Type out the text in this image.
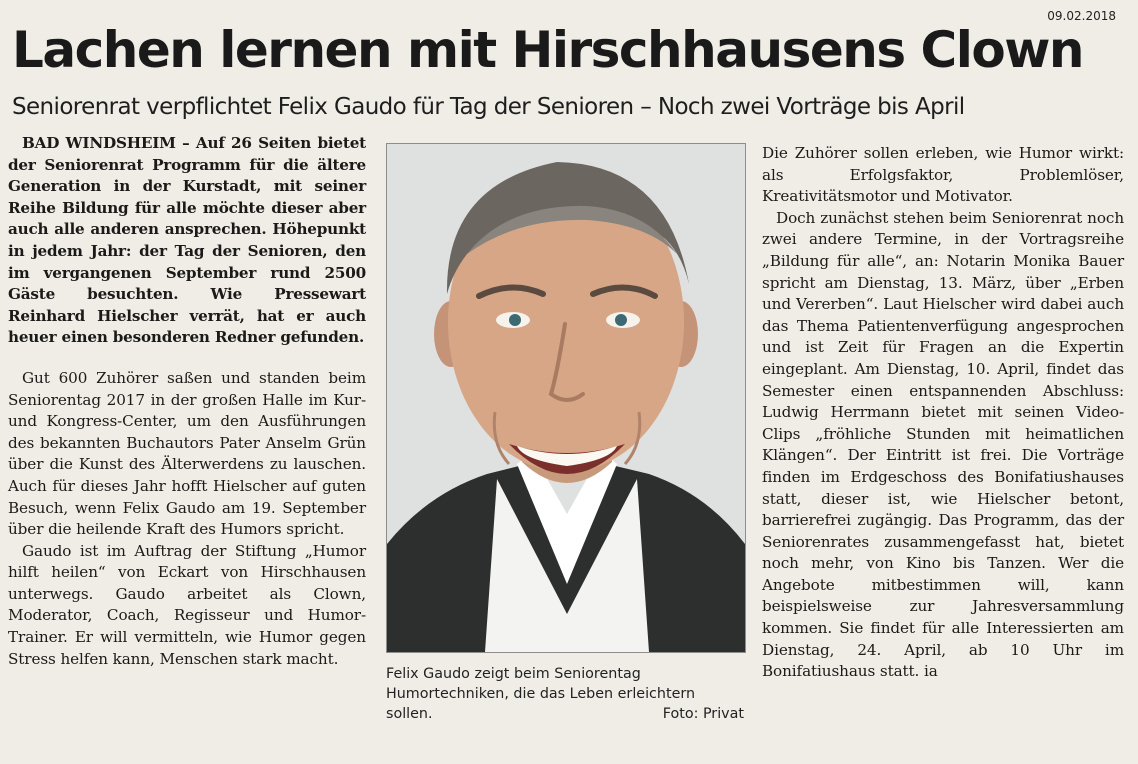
09.02.2018
Lachen lernen mit Hirschhausens Clown
Seniorenrat verpflichtet Felix Gaudo für Tag der Senioren – Noch zwei Vorträge bis April

BAD WINDSHEIM – Auf 26 Seiten bietet der Seniorenrat Programm für die ältere Generation in der Kurstadt, mit seiner Reihe Bildung für alle möchte dieser aber auch alle anderen ansprechen. Höhepunkt in jedem Jahr: der Tag der Senioren, den im vergangenen September rund 2500 Gäste besuchten. Wie Pressewart Reinhard Hielscher verrät, hat er auch heuer einen besonderen Redner gefunden.

Gut 600 Zuhörer saßen und standen beim Seniorentag 2017 in der großen Halle im Kur- und Kongress-Center, um den Ausführungen des bekannten Buchautors Pater Anselm Grün über die Kunst des Älterwerdens zu lauschen. Auch für dieses Jahr hofft Hielscher auf guten Besuch, wenn Felix Gaudo am 19. September über die heilende Kraft des Humors spricht.

Gaudo ist im Auftrag der Stiftung „Humor hilft heilen“ von Eckart von Hirschhausen unterwegs. Gaudo arbeitet als Clown, Moderator, Coach, Regisseur und Humor-Trainer. Er will vermitteln, wie Humor gegen Stress helfen kann, Menschen stark macht.

Felix Gaudo zeigt beim Seniorentag Humortechniken, die das Leben erleichtern sollen.	Foto: Privat

Die Zuhörer sollen erleben, wie Humor wirkt: als Erfolgsfaktor, Problemlöser, Kreativitätsmotor und Motivator.

Doch zunächst stehen beim Seniorenrat noch zwei andere Termine, in der Vortragsreihe „Bildung für alle“, an: Notarin Monika Bauer spricht am Dienstag, 13. März, über „Erben und Vererben“. Laut Hielscher wird dabei auch das Thema Patientenverfügung angesprochen und ist Zeit für Fragen an die Expertin eingeplant. Am Dienstag, 10. April, findet das Semester einen entspannenden Abschluss: Ludwig Herrmann bietet mit seinen Video-Clips „fröhliche Stunden mit heimatlichen Klängen“. Der Eintritt ist frei. Die Vorträge finden im Erdgeschoss des Bonifatiushauses statt, dieser ist, wie Hielscher betont, barrierefrei zugängig. Das Programm, das der Seniorenrates zusammengefasst hat, bietet noch mehr, von Kino bis Tanzen. Wer die Angebote mitbestimmen will, kann beispielsweise zur Jahresversammlung kommen. Sie findet für alle Interessierten am Dienstag, 24. April, ab 10 Uhr im Bonifatiushaus statt. ia
